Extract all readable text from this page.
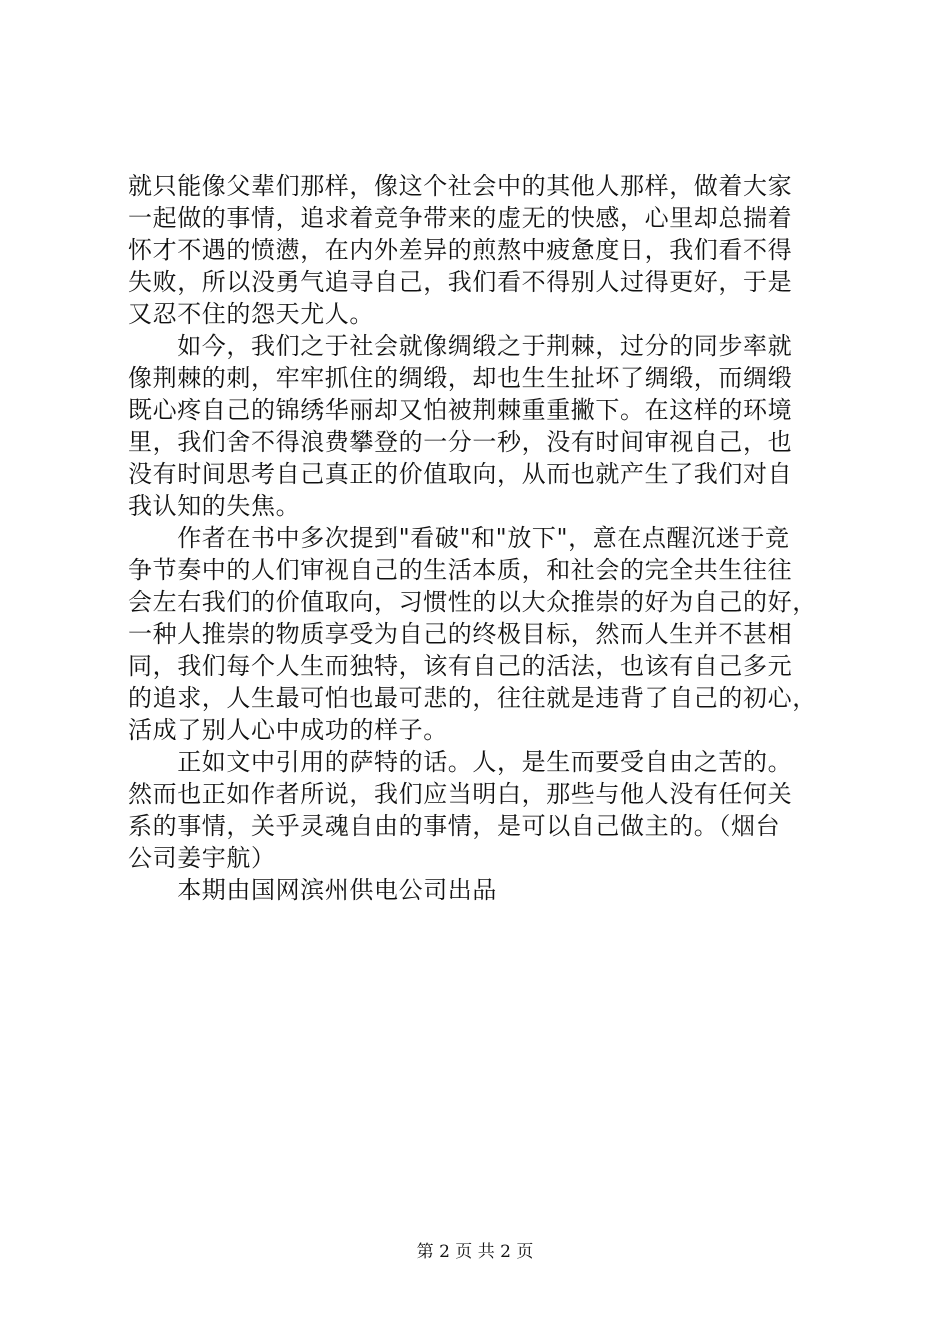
就只能像父辈们那样，像这个社会中的其他人那样，做着大家
一起做的事情，追求着竞争带来的虚无的快感，心里却总揣着
怀才不遇的愤懑，在内外差异的煎熬中疲惫度日，我们看不得
失败，所以没勇气追寻自己，我们看不得别人过得更好，于是
又忍不住的怨天尤人。
　　如今，我们之于社会就像绸缎之于荆棘，过分的同步率就
像荆棘的刺，牢牢抓住的绸缎，却也生生扯坏了绸缎，而绸缎
既心疼自己的锦绣华丽却又怕被荆棘重重撇下。在这样的环境
里，我们舍不得浪费攀登的一分一秒，没有时间审视自己，也
没有时间思考自己真正的价值取向，从而也就产生了我们对自
我认知的失焦。
　　作者在书中多次提到"看破"和"放下"，意在点醒沉迷于竞
争节奏中的人们审视自己的生活本质，和社会的完全共生往往
会左右我们的价值取向，习惯性的以大众推崇的好为自己的好，
一种人推崇的物质享受为自己的终极目标，然而人生并不甚相
同，我们每个人生而独特，该有自己的活法，也该有自己多元
的追求，人生最可怕也最可悲的，往往就是违背了自己的初心，
活成了别人心中成功的样子。
　　正如文中引用的萨特的话。人，是生而要受自由之苦的。
然而也正如作者所说，我们应当明白，那些与他人没有任何关
系的事情，关乎灵魂自由的事情，是可以自己做主的。（烟台
公司姜宇航）
　　本期由国网滨州供电公司出品
第 2 页 共 2 页
